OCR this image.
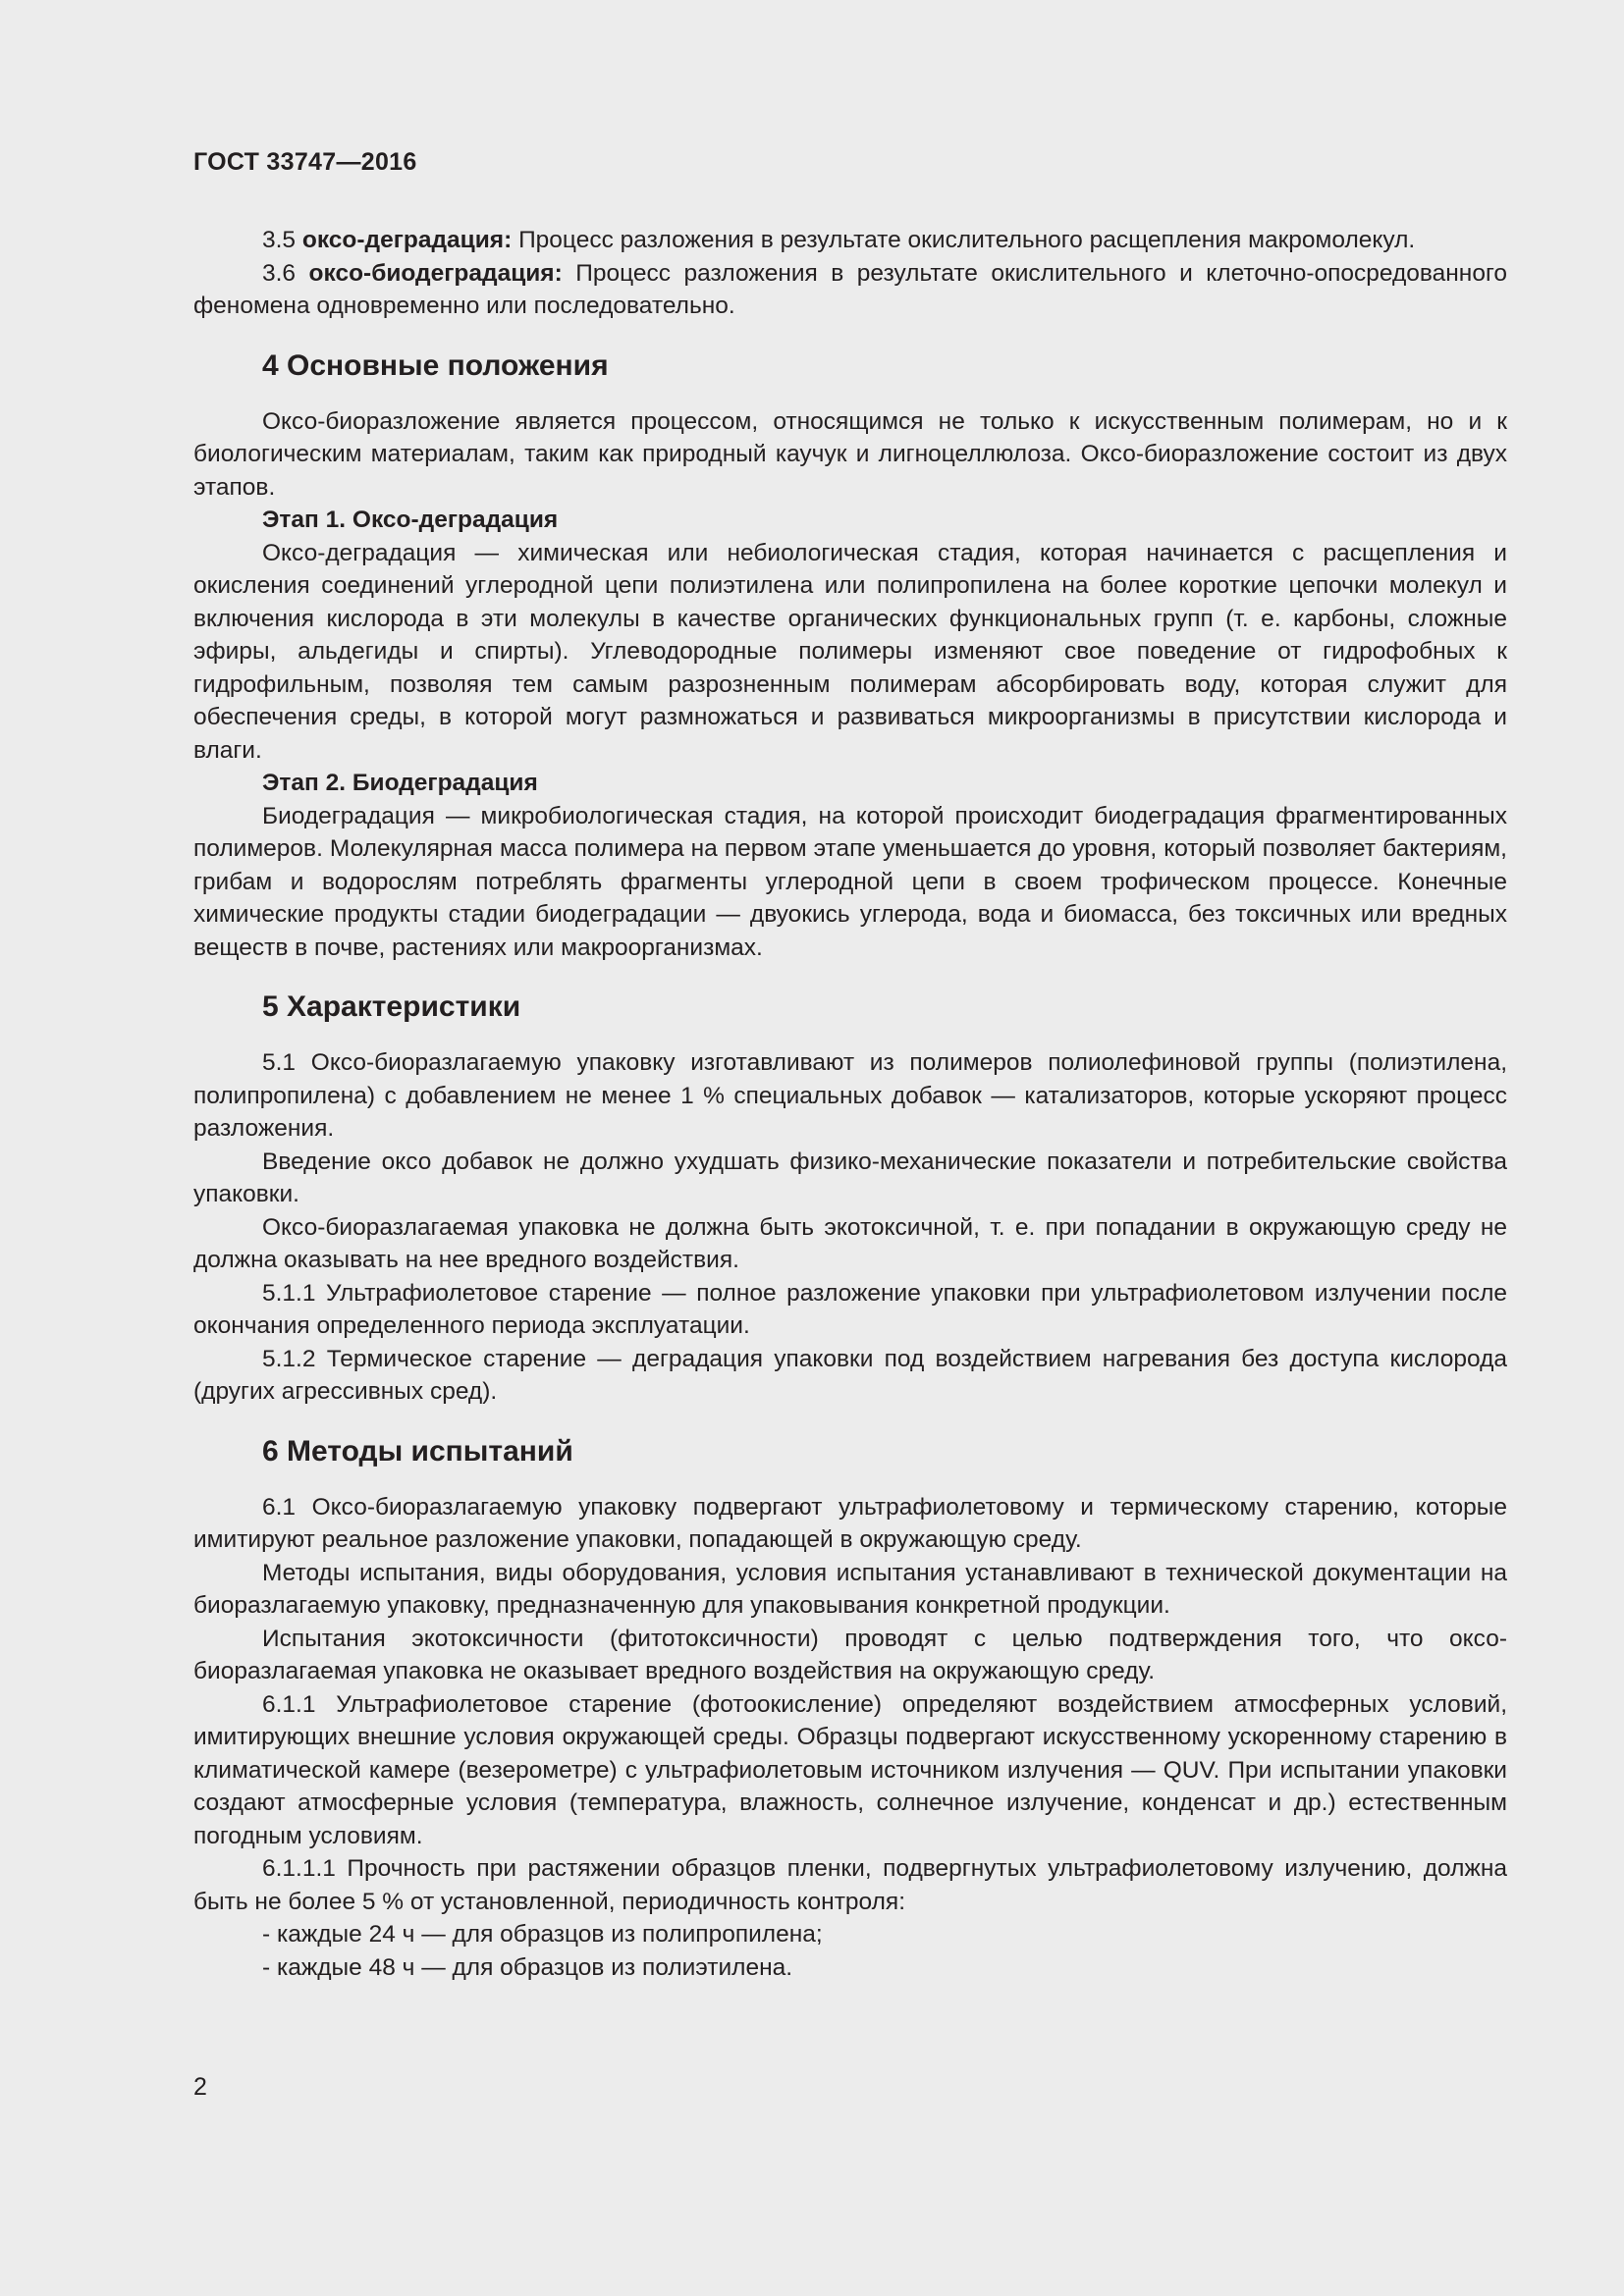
ГОСТ 33747—2016

3.5 оксо-деградация: Процесс разложения в результате окислительного расщепления макромолекул.

3.6 оксо-биодеградация: Процесс разложения в результате окислительного и клеточно-опосредованного феномена одновременно или последовательно.

4 Основные положения

Оксо-биоразложение является процессом, относящимся не только к искусственным полимерам, но и к биологическим материалам, таким как природный каучук и лигноцеллюлоза. Оксо-биоразложение состоит из двух этапов.

Этап 1. Оксо-деградация

Оксо-деградация — химическая или небиологическая стадия, которая начинается с расщепления и окисления соединений углеродной цепи полиэтилена или полипропилена на более короткие цепочки молекул и включения кислорода в эти молекулы в качестве органических функциональных групп (т. е. карбоны, сложные эфиры, альдегиды и спирты). Углеводородные полимеры изменяют свое поведение от гидрофобных к гидрофильным, позволяя тем самым разрозненным полимерам абсорбировать воду, которая служит для обеспечения среды, в которой могут размножаться и развиваться микроорганизмы в присутствии кислорода и влаги.

Этап 2. Биодеградация

Биодеградация — микробиологическая стадия, на которой происходит биодеградация фрагментированных полимеров. Молекулярная масса полимера на первом этапе уменьшается до уровня, который позволяет бактериям, грибам и водорослям потреблять фрагменты углеродной цепи в своем трофическом процессе. Конечные химические продукты стадии биодеградации — двуокись углерода, вода и биомасса, без токсичных или вредных веществ в почве, растениях или макроорганизмах.

5 Характеристики

5.1 Оксо-биоразлагаемую упаковку изготавливают из полимеров полиолефиновой группы (полиэтилена, полипропилена) с добавлением не менее 1 % специальных добавок — катализаторов, которые ускоряют процесс разложения.

Введение оксо добавок не должно ухудшать физико-механические показатели и потребительские свойства упаковки.

Оксо-биоразлагаемая упаковка не должна быть экотоксичной, т. е. при попадании в окружающую среду не должна оказывать на нее вредного воздействия.

5.1.1 Ультрафиолетовое старение — полное разложение упаковки при ультрафиолетовом излучении после окончания определенного периода эксплуатации.

5.1.2 Термическое старение — деградация упаковки под воздействием нагревания без доступа кислорода (других агрессивных сред).

6 Методы испытаний

6.1 Оксо-биоразлагаемую упаковку подвергают ультрафиолетовому и термическому старению, которые имитируют реальное разложение упаковки, попадающей в окружающую среду.

Методы испытания, виды оборудования, условия испытания устанавливают в технической документации на биоразлагаемую упаковку, предназначенную для упаковывания конкретной продукции.

Испытания экотоксичности (фитотоксичности) проводят с целью подтверждения того, что оксо-биоразлагаемая упаковка не оказывает вредного воздействия на окружающую среду.

6.1.1 Ультрафиолетовое старение (фотоокисление) определяют воздействием атмосферных условий, имитирующих внешние условия окружающей среды. Образцы подвергают искусственному ускоренному старению в климатической камере (везерометре) с ультрафиолетовым источником излучения — QUV. При испытании упаковки создают атмосферные условия (температура, влажность, солнечное излучение, конденсат и др.) естественным погодным условиям.

6.1.1.1 Прочность при растяжении образцов пленки, подвергнутых ультрафиолетовому излучению, должна быть не более 5 % от установленной, периодичность контроля:

- каждые 24 ч — для образцов из полипропилена;
- каждые 48 ч — для образцов из полиэтилена.
2
